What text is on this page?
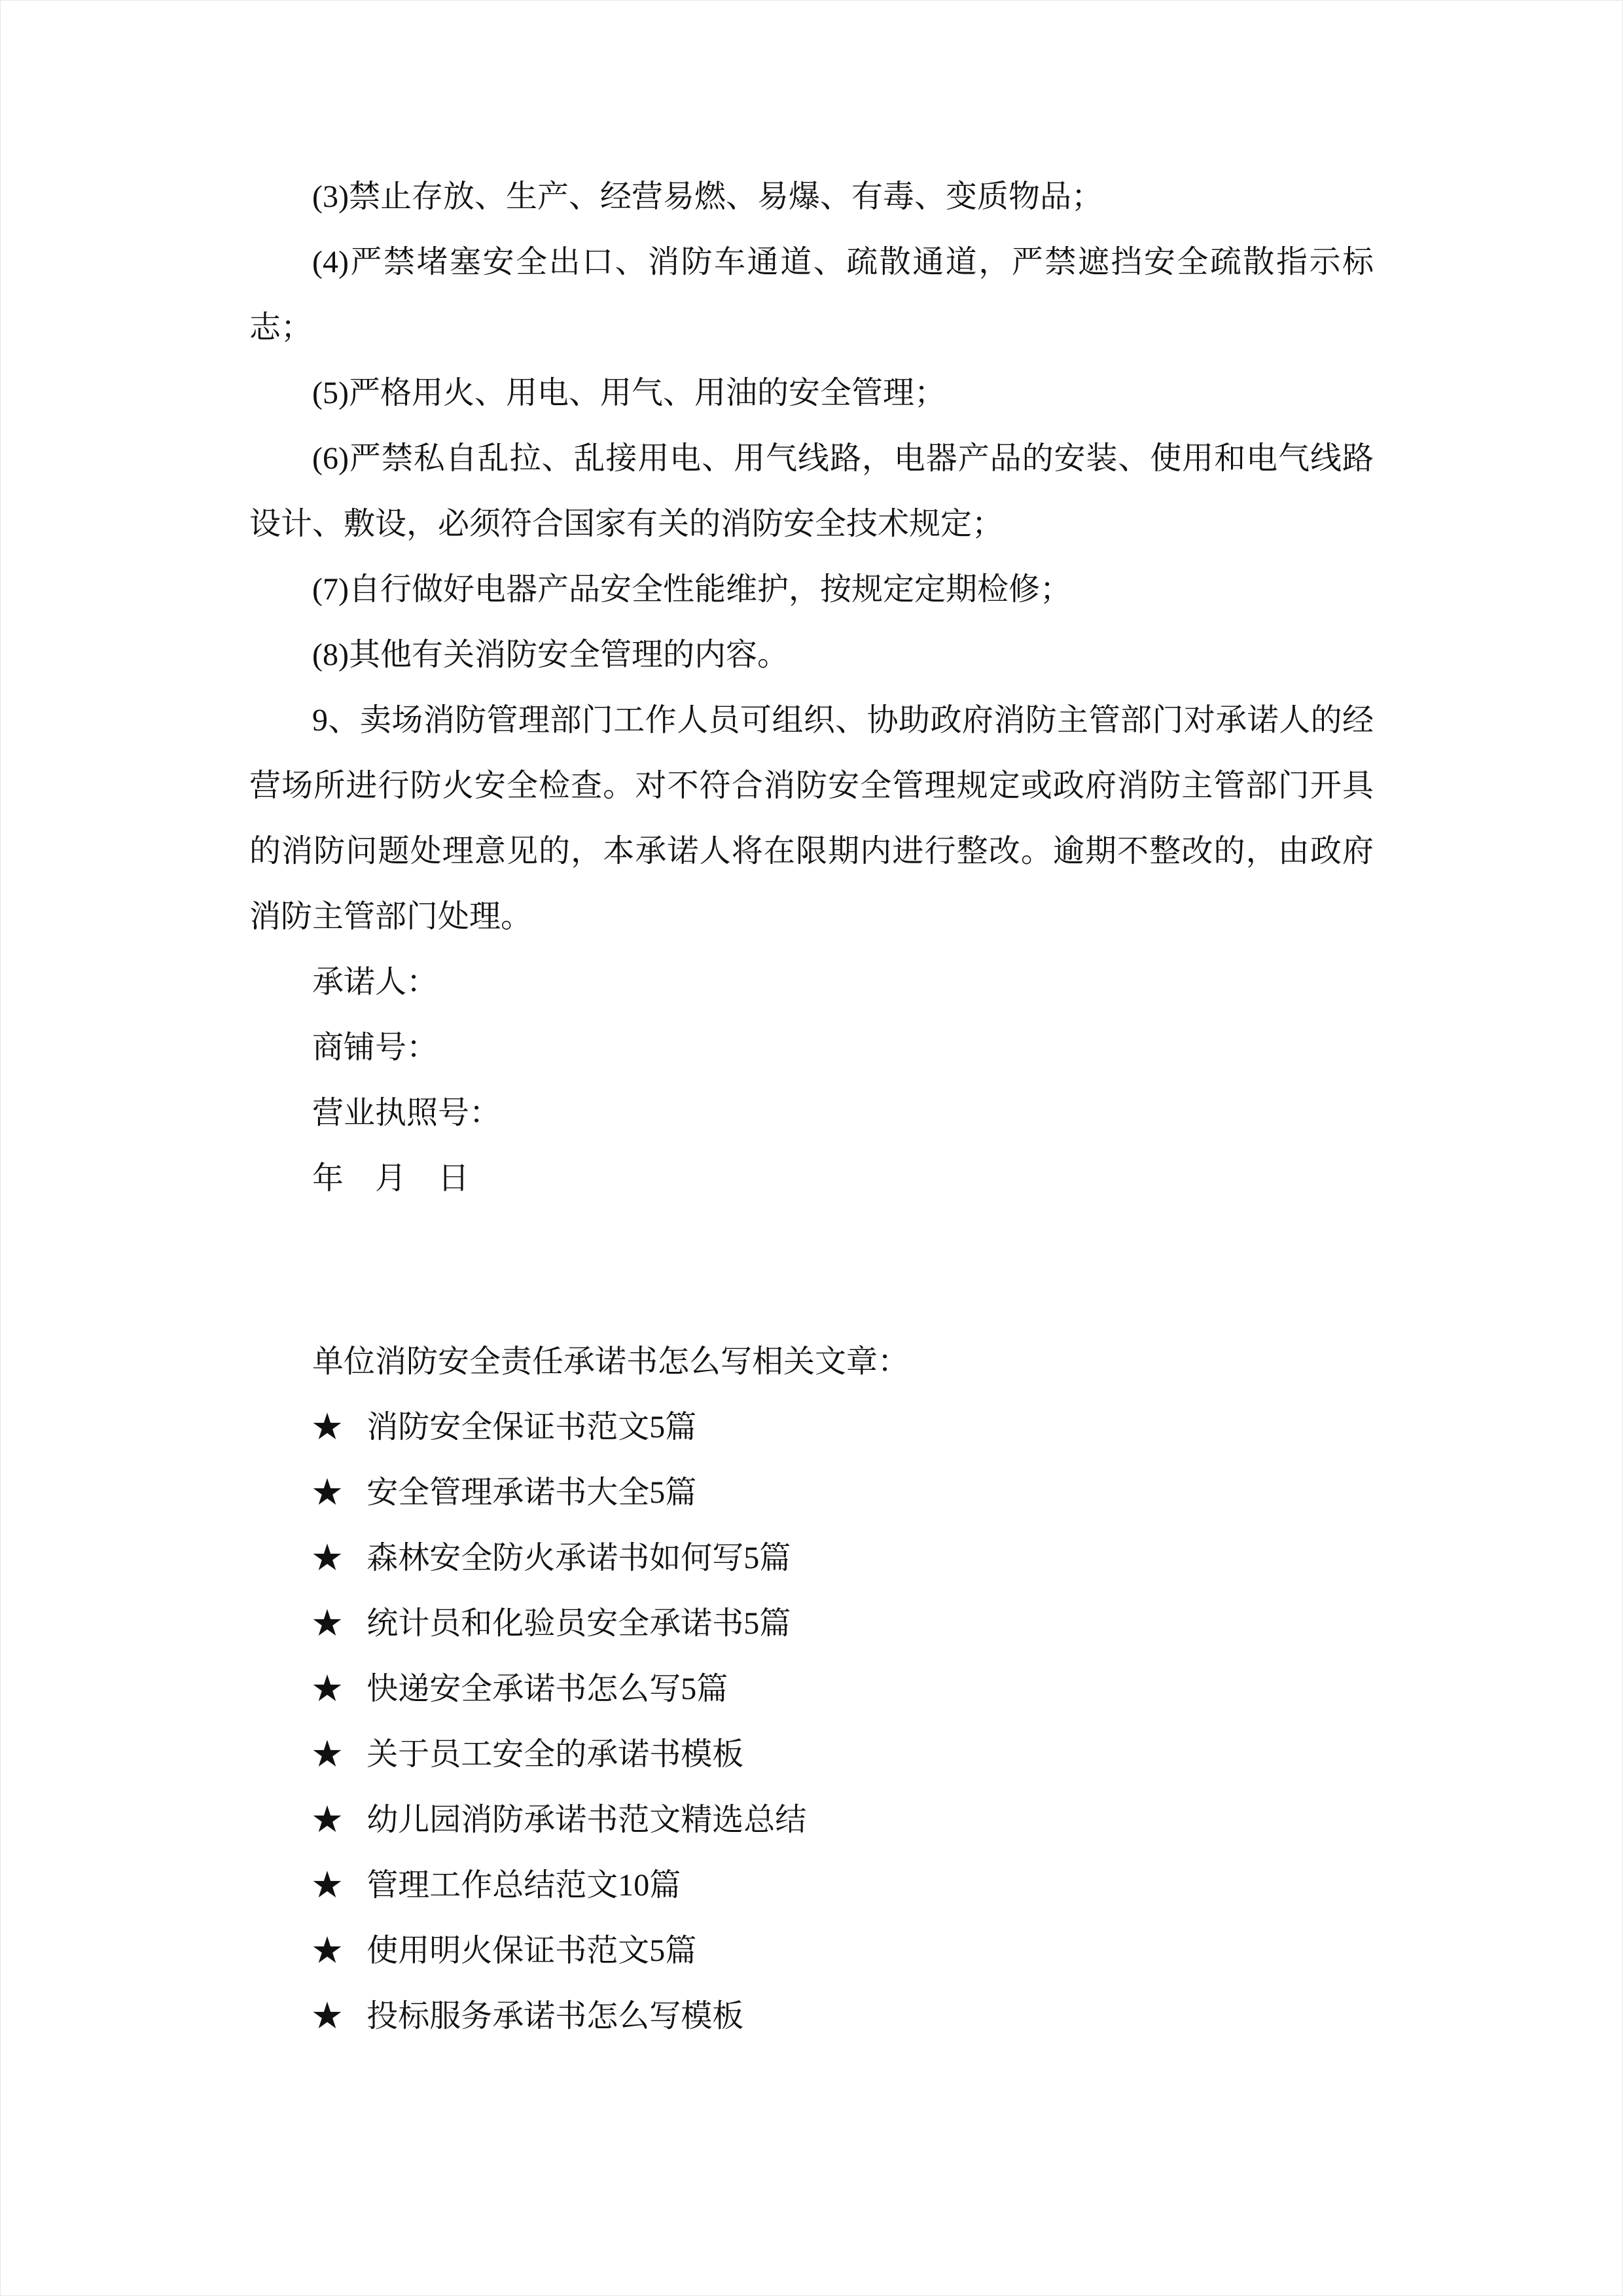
(3)禁止存放、生产、经营易燃、易爆、有毒、变质物品；

(4)严禁堵塞安全出口、消防车通道、疏散通道，严禁遮挡安全疏散指示标志；

(5)严格用火、用电、用气、用油的安全管理；

(6)严禁私自乱拉、乱接用电、用气线路，电器产品的安装、使用和电气线路设计、敷设，必须符合国家有关的消防安全技术规定；

(7)自行做好电器产品安全性能维护，按规定定期检修；

(8)其他有关消防安全管理的内容。

9、卖场消防管理部门工作人员可组织、协助政府消防主管部门对承诺人的经营场所进行防火安全检查。对不符合消防安全管理规定或政府消防主管部门开具的消防问题处理意见的，本承诺人将在限期内进行整改。逾期不整改的，由政府消防主管部门处理。

承诺人：

商铺号：

营业执照号：

年　月　日

单位消防安全责任承诺书怎么写相关文章：

★ 消防安全保证书范文5篇

★ 安全管理承诺书大全5篇

★ 森林安全防火承诺书如何写5篇

★ 统计员和化验员安全承诺书5篇

★ 快递安全承诺书怎么写5篇

★ 关于员工安全的承诺书模板

★ 幼儿园消防承诺书范文精选总结

★ 管理工作总结范文10篇

★ 使用明火保证书范文5篇

★ 投标服务承诺书怎么写模板
